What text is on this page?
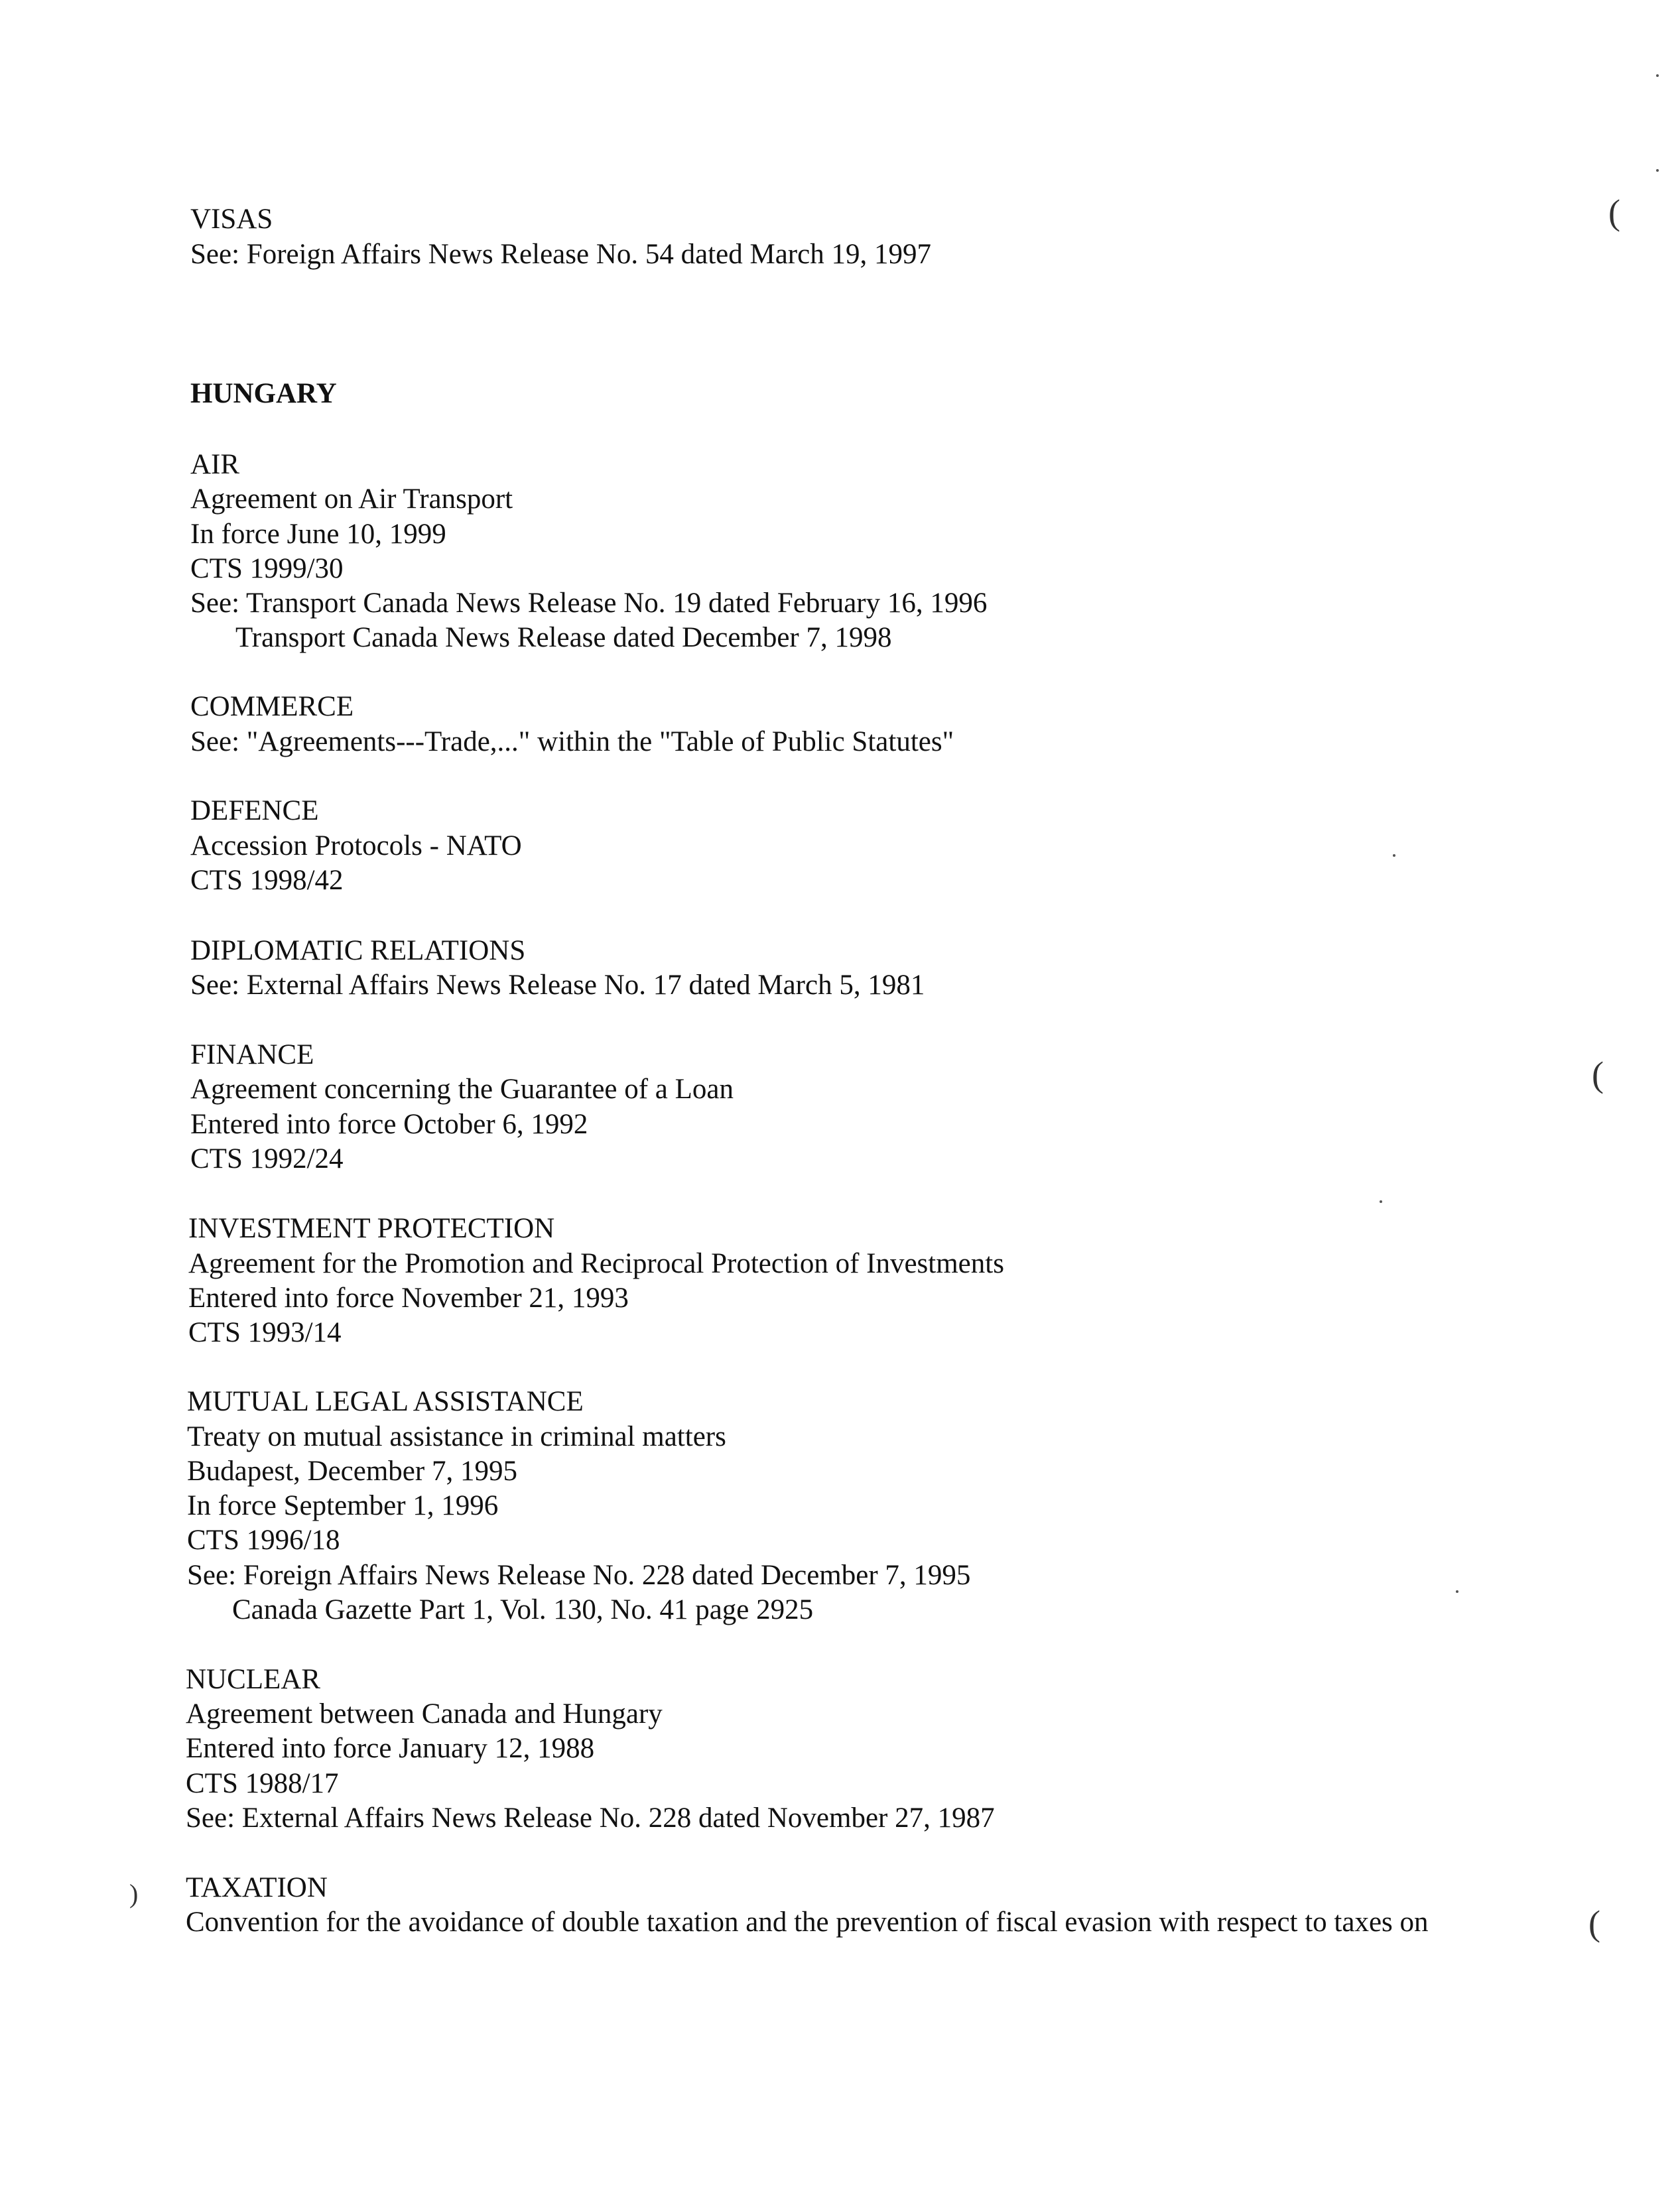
VISAS
See: Foreign Affairs News Release No. 54 dated March 19, 1997
HUNGARY
AIR
Agreement on Air Transport
In force June 10, 1999
CTS 1999/30
See: Transport Canada News Release No. 19 dated February 16, 1996
Transport Canada News Release dated December 7, 1998
COMMERCE
See: "Agreements---Trade,..." within the "Table of Public Statutes"
DEFENCE
Accession Protocols - NATO
CTS 1998/42
DIPLOMATIC RELATIONS
See: External Affairs News Release No. 17 dated March 5, 1981
FINANCE
Agreement concerning the Guarantee of a Loan
Entered into force October 6, 1992
CTS 1992/24
INVESTMENT PROTECTION
Agreement for the Promotion and Reciprocal Protection of Investments
Entered into force November 21, 1993
CTS 1993/14
MUTUAL LEGAL ASSISTANCE
Treaty on mutual assistance in criminal matters
Budapest, December 7, 1995
In force September 1, 1996
CTS 1996/18
See: Foreign Affairs News Release No. 228 dated December 7, 1995
Canada Gazette Part 1, Vol. 130, No. 41 page 2925
NUCLEAR
Agreement between Canada and Hungary
Entered into force January 12, 1988
CTS 1988/17
See: External Affairs News Release No. 228 dated November 27, 1987
TAXATION
Convention for the avoidance of double taxation and the prevention of fiscal evasion with respect to taxes on
(
(
(
)
